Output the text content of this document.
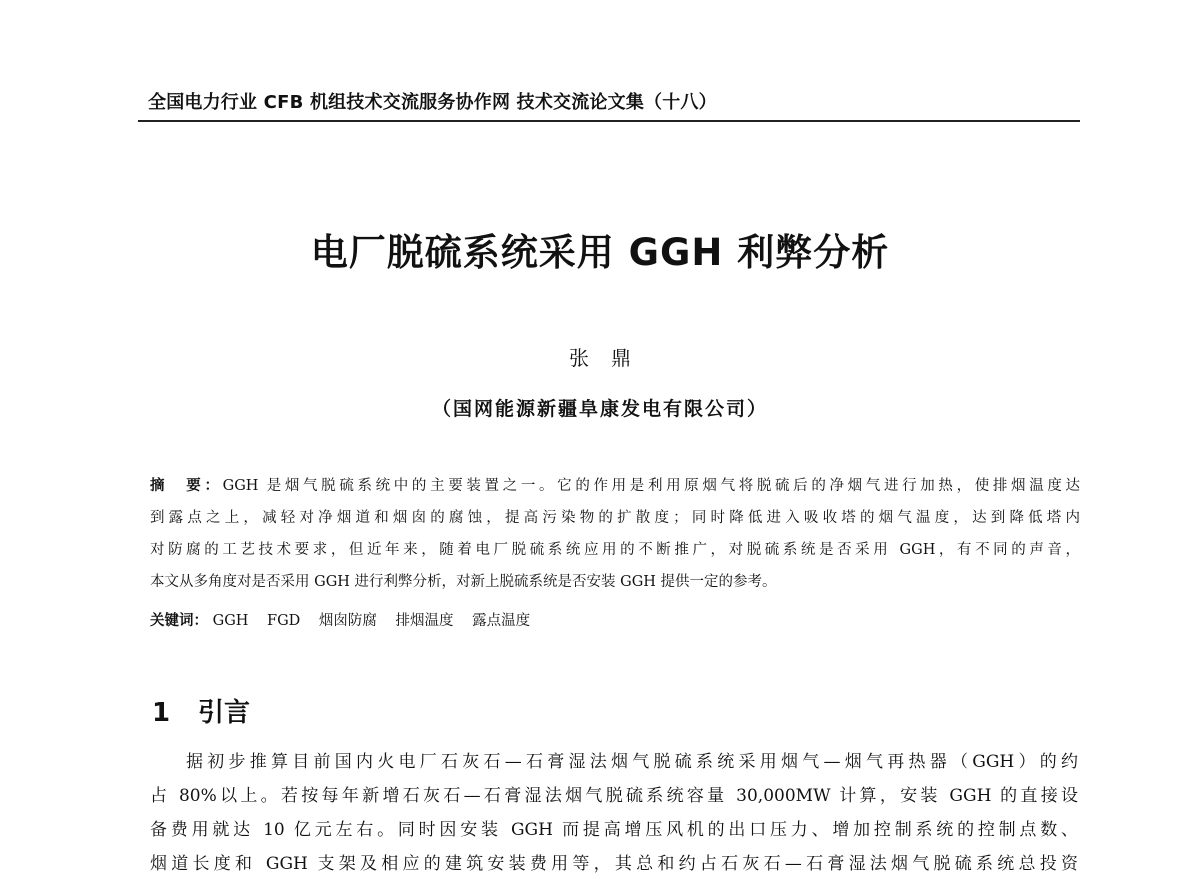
全国电力行业 CFB 机组技术交流服务协作网 技术交流论文集（十八）
电厂脱硫系统采用 GGH 利弊分析
张鼎
（国网能源新疆阜康发电有限公司）
摘　要：GGH 是烟气脱硫系统中的主要装置之一。它的作用是利用原烟气将脱硫后的净烟气进行加热，使排烟温度达
到露点之上，减轻对净烟道和烟囱的腐蚀，提高污染物的扩散度；同时降低进入吸收塔的烟气温度，达到降低塔内
对防腐的工艺技术要求，但近年来，随着电厂脱硫系统应用的不断推广，对脱硫系统是否采用 GGH，有不同的声音，
本文从多角度对是否采用 GGH 进行利弊分析，对新上脱硫系统是否安装 GGH 提供一定的参考。
关键词： GGH FGD 烟囱防腐 排烟温度 露点温度
1 引言
据初步推算目前国内火电厂石灰石—石膏湿法烟气脱硫系统采用烟气—烟气再热器（GGH）的约
占 80%以上。若按每年新增石灰石—石膏湿法烟气脱硫系统容量 30,000MW 计算，安装 GGH 的直接设
备费用就达 10 亿元左右。同时因安装 GGH 而提高增压风机的出口压力、增加控制系统的控制点数、
烟道长度和 GGH 支架及相应的建筑安装费用等，其总和约占石灰石—石膏湿法烟气脱硫系统总投资
